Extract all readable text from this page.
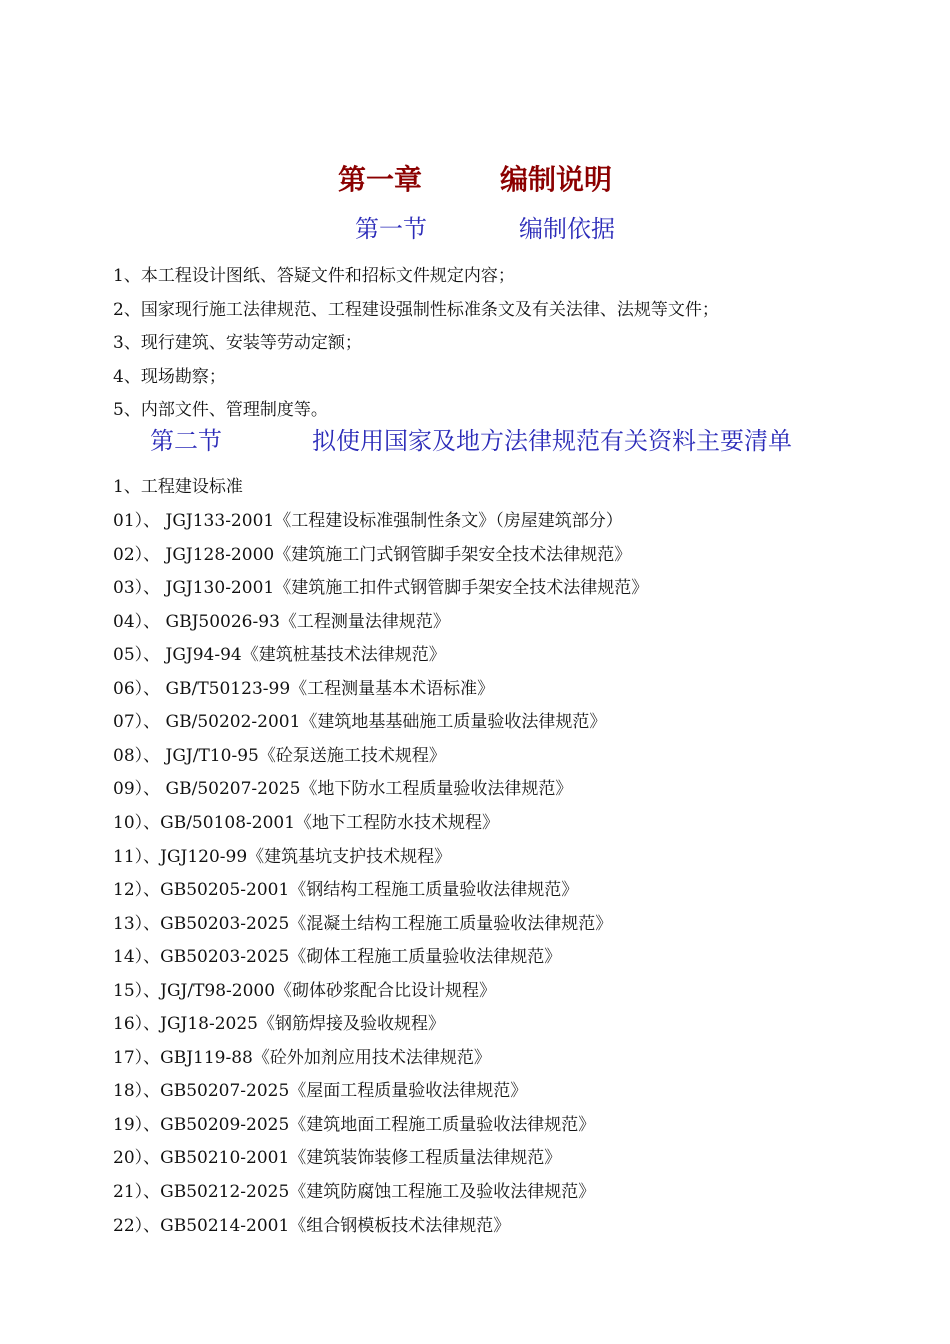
第一章	编制说明
第一节	编制依据
1、本工程设计图纸、答疑文件和招标文件规定内容；
2、国家现行施工法律规范、工程建设强制性标准条文及有关法律、法规等文件；
3、现行建筑、安装等劳动定额；
4、现场勘察；
5、内部文件、管理制度等。
第二节	拟使用国家及地方法律规范有关资料主要清单
1、工程建设标准
01）、 JGJ133-2001《工程建设标准强制性条文》（房屋建筑部分）
02）、 JGJ128-2000《建筑施工门式钢管脚手架安全技术法律规范》
03）、 JGJ130-2001《建筑施工扣件式钢管脚手架安全技术法律规范》
04）、 GBJ50026-93《工程测量法律规范》
05）、 JGJ94-94《建筑桩基技术法律规范》
06）、 GB/T50123-99《工程测量基本术语标准》
07）、 GB/50202-2001《建筑地基基础施工质量验收法律规范》
08）、 JGJ/T10-95《砼泵送施工技术规程》
09）、 GB/50207-2025《地下防水工程质量验收法律规范》
10）、GB/50108-2001《地下工程防水技术规程》
11）、JGJ120-99《建筑基坑支护技术规程》
12）、GB50205-2001《钢结构工程施工质量验收法律规范》
13）、GB50203-2025《混凝土结构工程施工质量验收法律规范》
14）、GB50203-2025《砌体工程施工质量验收法律规范》
15）、JGJ/T98-2000《砌体砂浆配合比设计规程》
16）、JGJ18-2025《钢筋焊接及验收规程》
17）、GBJ119-88《砼外加剂应用技术法律规范》
18）、GB50207-2025《屋面工程质量验收法律规范》
19）、GB50209-2025《建筑地面工程施工质量验收法律规范》
20）、GB50210-2001《建筑装饰装修工程质量法律规范》
21）、GB50212-2025《建筑防腐蚀工程施工及验收法律规范》
22）、GB50214-2001《组合钢模板技术法律规范》
